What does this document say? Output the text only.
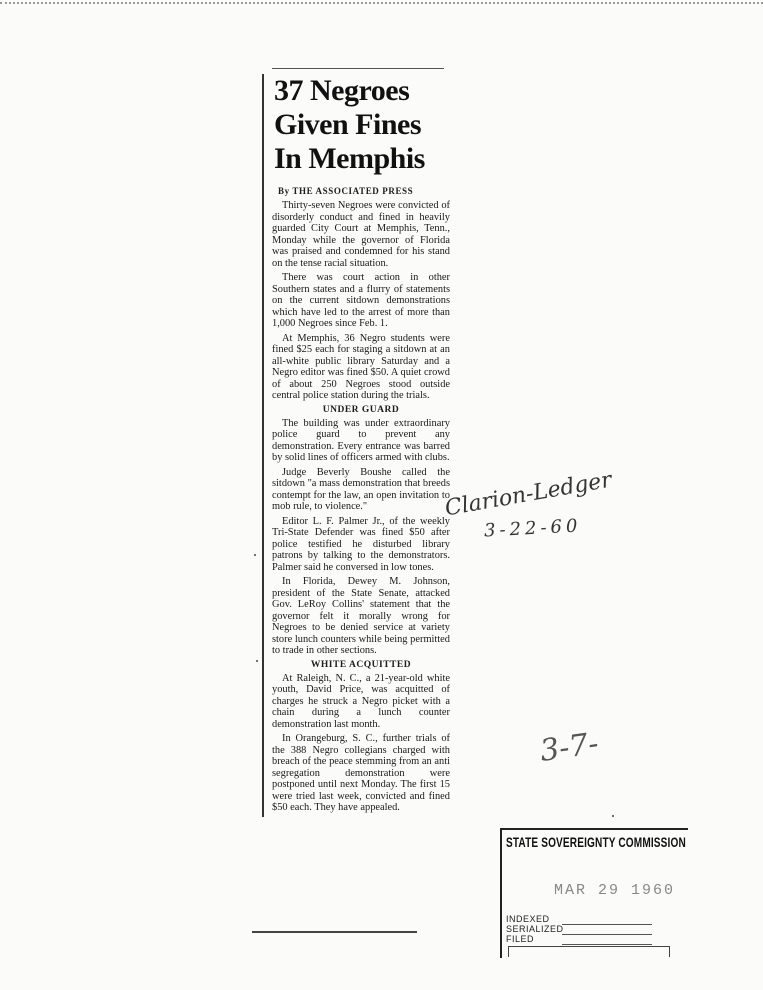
37 Negroes
Given Fines
In Memphis
By THE ASSOCIATED PRESS
Thirty-seven Negroes were convicted of disorderly conduct and fined in heavily guarded City Court at Memphis, Tenn., Monday while the governor of Florida was praised and condemned for his stand on the tense racial situation.
There was court action in other Southern states and a flurry of statements on the current sitdown demonstrations which have led to the arrest of more than 1,000 Negroes since Feb. 1.
At Memphis, 36 Negro students were fined $25 each for staging a sitdown at an all-white public library Saturday and a Negro editor was fined $50. A quiet crowd of about 250 Negroes stood outside central police station during the trials.
UNDER GUARD
The building was under extraordinary police guard to prevent any demonstration. Every entrance was barred by solid lines of officers armed with clubs.
Judge Beverly Boushe called the sitdown "a mass demonstration that breeds contempt for the law, an open invitation to mob rule, to violence."
Editor L. F. Palmer Jr., of the weekly Tri-State Defender was fined $50 after police testified he disturbed library patrons by talking to the demonstrators. Palmer said he conversed in low tones.
In Florida, Dewey M. Johnson, president of the State Senate, attacked Gov. LeRoy Collins' statement that the governor felt it morally wrong for Negroes to be denied service at variety store lunch counters while being permitted to trade in other sections.
WHITE ACQUITTED
At Raleigh, N. C., a 21-year-old white youth, David Price, was acquitted of charges he struck a Negro picket with a chain during a lunch counter demonstration last month.
In Orangeburg, S. C., further trials of the 388 Negro collegians charged with breach of the peace stemming from an anti segregation demonstration were postponed until next Monday. The first 15 were tried last week, convicted and fined $50 each. They have appealed.
Clarion-Ledger
3-22-60
3-7-
STATE SOVEREIGNTY COMMISSION
MAR 29 1960
INDEXED
SERIALIZED
FILED
